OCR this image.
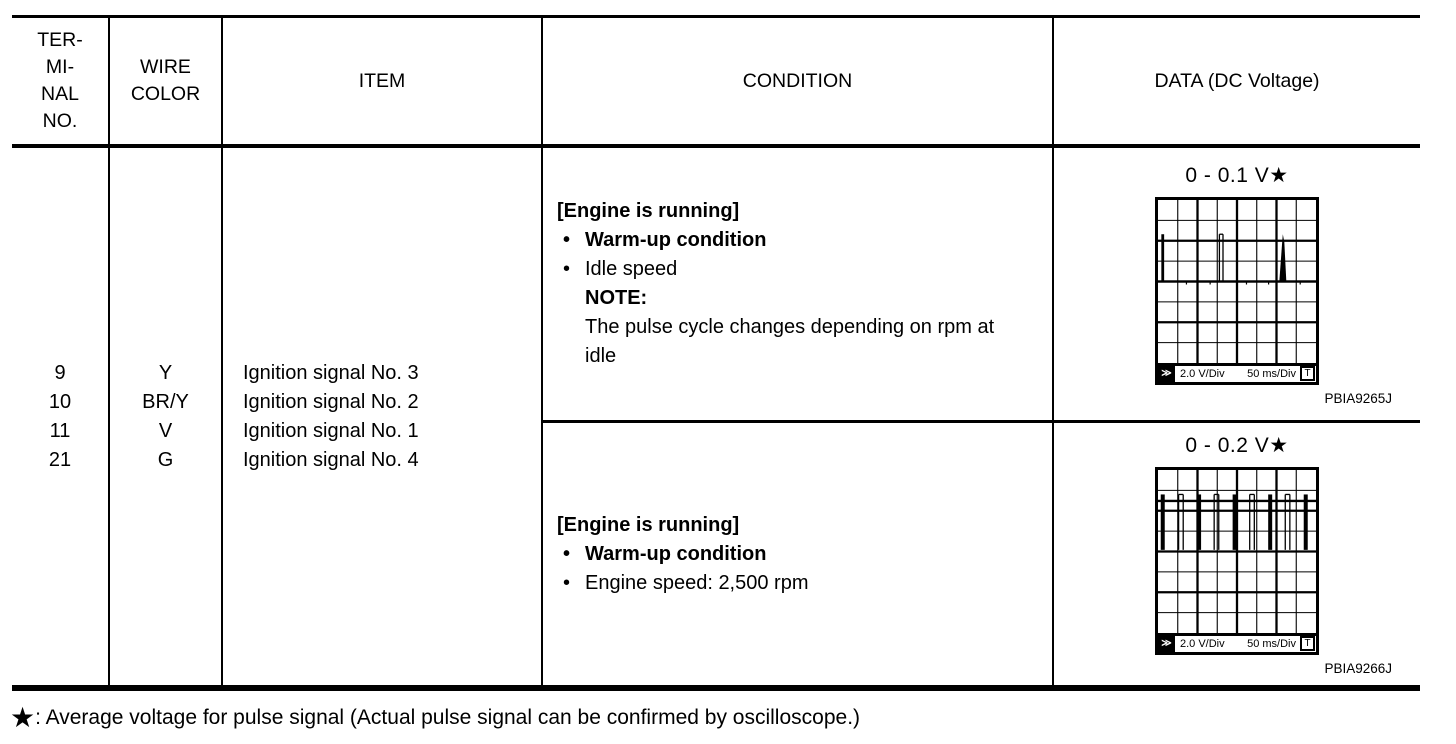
TER-
MI-
NAL
NO.
WIRE
COLOR
ITEM	CONDITION	DATA (DC Voltage)
9
10
11
21
Y
BR/Y
V
G
Ignition signal No. 3
Ignition signal No. 2
Ignition signal No. 1
Ignition signal No. 4
[Engine is running]
• Warm-up condition
• Idle speed
NOTE:
The pulse cycle changes depending on rpm at idle
0 - 0.1 V★
≫ 2.0 V/Div 50 ms/Div T
PBIA9265J
[Engine is running]
• Warm-up condition
• Engine speed: 2,500 rpm
0 - 0.2 V★
≫ 2.0 V/Div 50 ms/Div T
PBIA9266J
★: Average voltage for pulse signal (Actual pulse signal can be confirmed by oscilloscope.)
